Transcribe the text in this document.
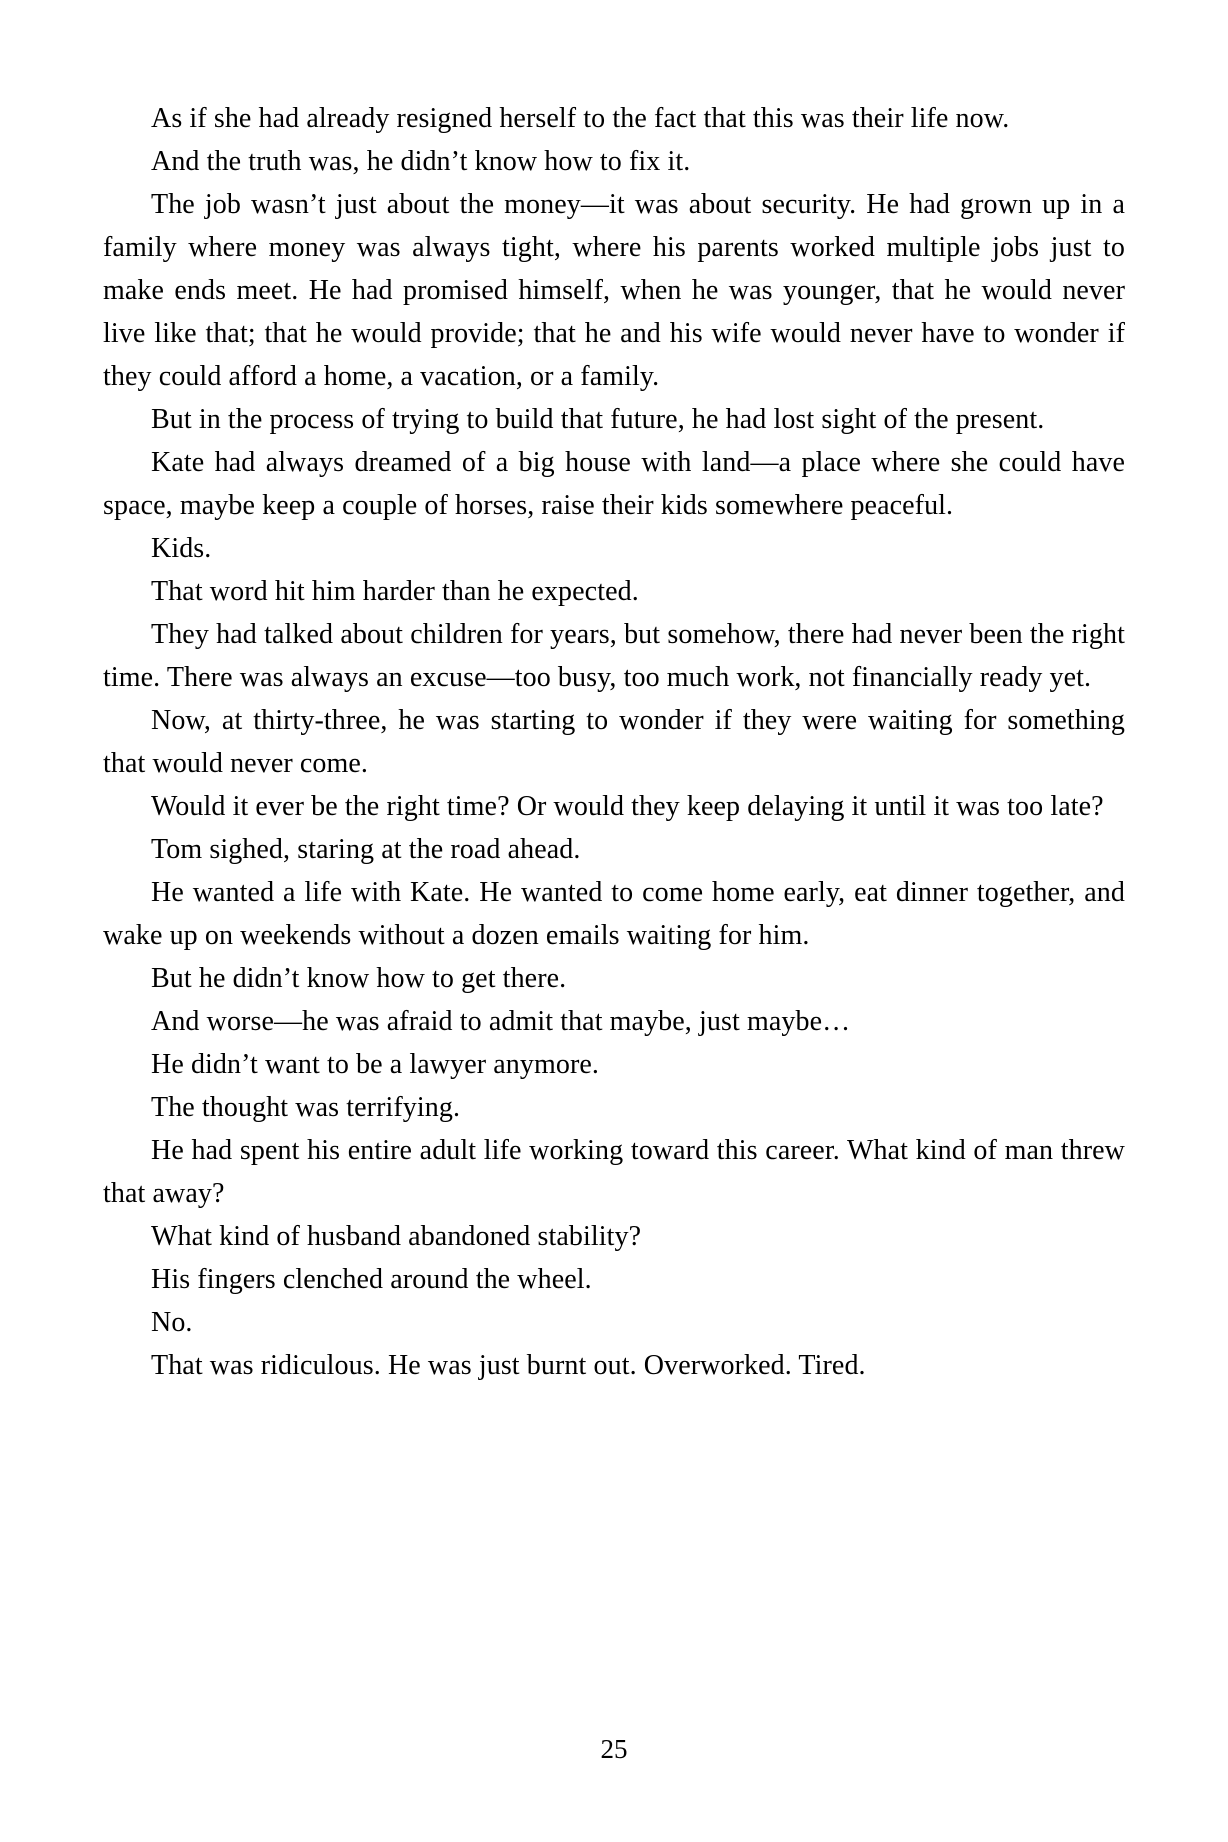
As if she had already resigned herself to the fact that this was their life now.

And the truth was, he didn’t know how to fix it.

The job wasn’t just about the money—it was about security. He had grown up in a family where money was always tight, where his parents worked multiple jobs just to make ends meet. He had promised himself, when he was younger, that he would never live like that; that he would provide; that he and his wife would never have to wonder if they could afford a home, a vacation, or a family.

But in the process of trying to build that future, he had lost sight of the present.

Kate had always dreamed of a big house with land—a place where she could have space, maybe keep a couple of horses, raise their kids somewhere peaceful.

Kids.

That word hit him harder than he expected.

They had talked about children for years, but somehow, there had never been the right time. There was always an excuse—too busy, too much work, not financially ready yet.

Now, at thirty-three, he was starting to wonder if they were waiting for something that would never come.

Would it ever be the right time? Or would they keep delaying it until it was too late?

Tom sighed, staring at the road ahead.

He wanted a life with Kate. He wanted to come home early, eat dinner together, and wake up on weekends without a dozen emails waiting for him.

But he didn’t know how to get there.

And worse—he was afraid to admit that maybe, just maybe…

He didn’t want to be a lawyer anymore.

The thought was terrifying.

He had spent his entire adult life working toward this career. What kind of man threw that away?

What kind of husband abandoned stability?

His fingers clenched around the wheel.

No.

That was ridiculous. He was just burnt out. Overworked. Tired.

25
